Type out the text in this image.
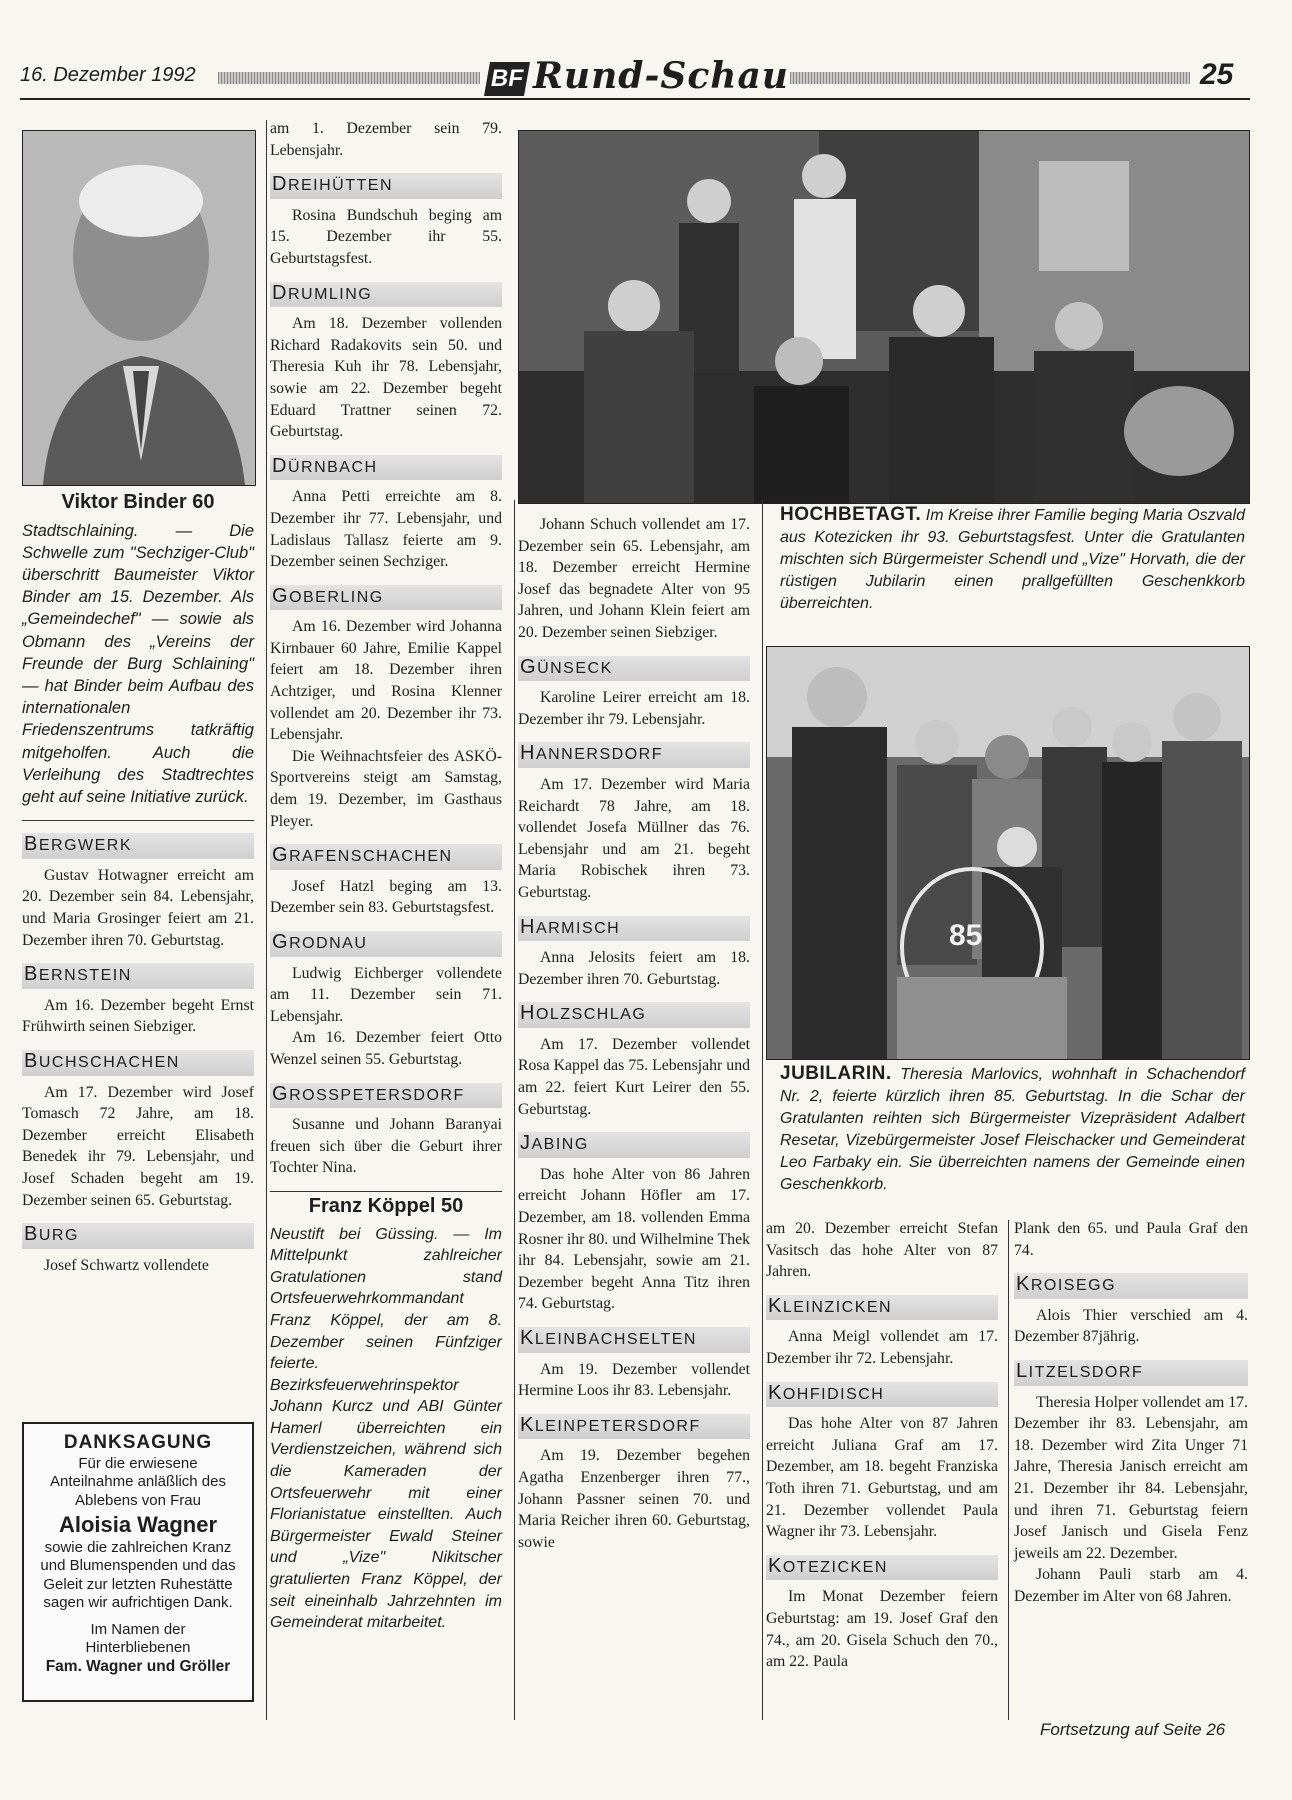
16. Dezember 1992	BF Rund-Schau	25
Viktor Binder 60

Stadtschlaining. — Die Schwelle zum "Sechziger-Club" überschritt Baumeister Viktor Binder am 15. Dezember. Als „Gemeindechef" — sowie als Obmann des „Vereins der Freunde der Burg Schlaining" — hat Binder beim Aufbau des internationalen Friedenszentrums tatkräftig mitgeholfen. Auch die Verleihung des Stadtrechtes geht auf seine Initiative zurück.

BERGWERK

Gustav Hotwagner erreicht am 20. Dezember sein 84. Lebensjahr, und Maria Grosinger feiert am 21. Dezember ihren 70. Geburtstag.

BERNSTEIN

Am 16. Dezember begeht Ernst Frühwirth seinen Siebziger.

BUCHSCHACHEN

Am 17. Dezember wird Josef Tomasch 72 Jahre, am 18. Dezember erreicht Elisabeth Benedek ihr 79. Lebensjahr, und Josef Schaden begeht am 19. Dezember seinen 65. Geburtstag.

BURG

Josef Schwartz vollendete

DANKSAGUNG
Für die erwiesene Anteilnahme anläßlich des Ablebens von Frau
Aloisia Wagner
sowie die zahlreichen Kranz und Blumenspenden und das Geleit zur letzten Ruhestätte sagen wir aufrichtigen Dank.
Im Namen der Hinterbliebenen
Fam. Wagner und Gröller

am 1. Dezember sein 79. Lebensjahr.

DREIHÜTTEN

Rosina Bundschuh beging am 15. Dezember ihr 55. Geburtstagsfest.

DRUMLING

Am 18. Dezember vollenden Richard Radakovits sein 50. und Theresia Kuh ihr 78. Lebensjahr, sowie am 22. Dezember begeht Eduard Trattner seinen 72. Geburtstag.

DÜRNBACH

Anna Petti erreichte am 8. Dezember ihr 77. Lebensjahr, und Ladislaus Tallasz feierte am 9. Dezember seinen Sechziger.

GOBERLING

Am 16. Dezember wird Johanna Kirnbauer 60 Jahre, Emilie Kappel feiert am 18. Dezember ihren Achtziger, und Rosina Klenner vollendet am 20. Dezember ihr 73. Lebensjahr.

Die Weihnachtsfeier des ASKÖ-Sportvereins steigt am Samstag, dem 19. Dezember, im Gasthaus Pleyer.

GRAFENSCHACHEN

Josef Hatzl beging am 13. Dezember sein 83. Geburtstagsfest.

GRODNAU

Ludwig Eichberger vollendete am 11. Dezember sein 71. Lebensjahr.

Am 16. Dezember feiert Otto Wenzel seinen 55. Geburtstag.

GROSSPETERSDORF

Susanne und Johann Baranyai freuen sich über die Geburt ihrer Tochter Nina.

Franz Köppel 50

Neustift bei Güssing. — Im Mittelpunkt zahlreicher Gratulationen stand Ortsfeuerwehrkommandant Franz Köppel, der am 8. Dezember seinen Fünfziger feierte. Bezirksfeuerwehrinspektor Johann Kurcz und ABI Günter Hamerl überreichten ein Verdienstzeichen, während sich die Kameraden der Ortsfeuerwehr mit einer Florianistatue einstellten. Auch Bürgermeister Ewald Steiner und „Vize" Nikitscher gratulierten Franz Köppel, der seit eineinhalb Jahrzehnten im Gemeinderat mitarbeitet.

HOCHBETAGT. Im Kreise ihrer Familie beging Maria Oszvald aus Kotezicken ihr 93. Geburtstagsfest. Unter die Gratulanten mischten sich Bürgermeister Schendl und „Vize" Horvath, die der rüstigen Jubilarin einen prallgefüllten Geschenkkorb überreichten.

Johann Schuch vollendet am 17. Dezember sein 65. Lebensjahr, am 18. Dezember erreicht Hermine Josef das begnadete Alter von 95 Jahren, und Johann Klein feiert am 20. Dezember seinen Siebziger.

GÜNSECK

Karoline Leirer erreicht am 18. Dezember ihr 79. Lebensjahr.

HANNERSDORF

Am 17. Dezember wird Maria Reichardt 78 Jahre, am 18. vollendet Josefa Müllner das 76. Lebensjahr und am 21. begeht Maria Robischek ihren 73. Geburtstag.

HARMISCH

Anna Jelosits feiert am 18. Dezember ihren 70. Geburtstag.

HOLZSCHLAG

Am 17. Dezember vollendet Rosa Kappel das 75. Lebensjahr und am 22. feiert Kurt Leirer den 55. Geburtstag.

JABING

Das hohe Alter von 86 Jahren erreicht Johann Höfler am 17. Dezember, am 18. vollenden Emma Rosner ihr 80. und Wilhelmine Thek ihr 84. Lebensjahr, sowie am 21. Dezember begeht Anna Titz ihren 74. Geburtstag.

KLEINBACHSELTEN

Am 19. Dezember vollendet Hermine Loos ihr 83. Lebensjahr.

KLEINPETERSDORF

Am 19. Dezember begehen Agatha Enzenberger ihren 77., Johann Passner seinen 70. und Maria Reicher ihren 60. Geburtstag, sowie

85
JUBILARIN. Theresia Marlovics, wohnhaft in Schachendorf Nr. 2, feierte kürzlich ihren 85. Geburtstag. In die Schar der Gratulanten reihten sich Bürgermeister Vizepräsident Adalbert Resetar, Vizebürgermeister Josef Fleischacker und Gemeinderat Leo Farbaky ein. Sie überreichten namens der Gemeinde einen Geschenkkorb.

am 20. Dezember erreicht Stefan Vasitsch das hohe Alter von 87 Jahren.

KLEINZICKEN

Anna Meigl vollendet am 17. Dezember ihr 72. Lebensjahr.

KOHFIDISCH

Das hohe Alter von 87 Jahren erreicht Juliana Graf am 17. Dezember, am 18. begeht Franziska Toth ihren 71. Geburtstag, und am 21. Dezember vollendet Paula Wagner ihr 73. Lebensjahr.

KOTEZICKEN

Im Monat Dezember feiern Geburtstag: am 19. Josef Graf den 74., am 20. Gisela Schuch den 70., am 22. Paula

Plank den 65. und Paula Graf den 74.

KROISEGG

Alois Thier verschied am 4. Dezember 87jährig.

LITZELSDORF

Theresia Holper vollendet am 17. Dezember ihr 83. Lebensjahr, am 18. Dezember wird Zita Unger 71 Jahre, Theresia Janisch erreicht am 21. Dezember ihr 84. Lebensjahr, und ihren 71. Geburtstag feiern Josef Janisch und Gisela Fenz jeweils am 22. Dezember.

Johann Pauli starb am 4. Dezember im Alter von 68 Jahren.

Fortsetzung auf Seite 26
